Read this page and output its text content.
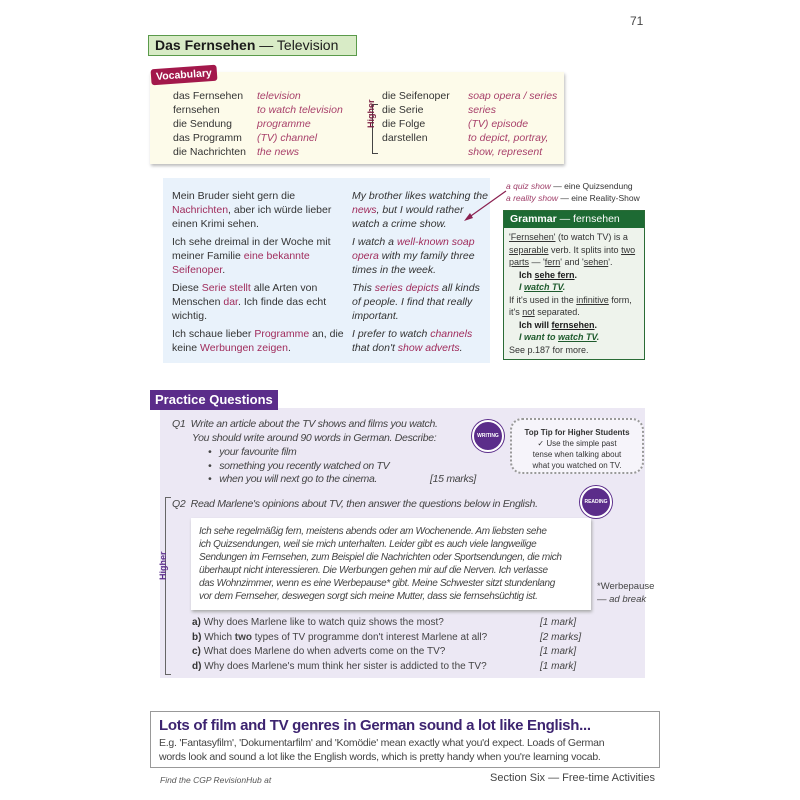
71
Das Fernsehen — Television
Vocabulary
das Fernsehen television
fernsehen	to watch television
die Sendung programme
das Programm (TV) channel
die Nachrichten the news
die Seifenoper soap opera / series
die Serie	series
die Folge	(TV) episode
darstellen	to depict, portray,
show, represent
Higher
Mein Bruder sieht gern die Nachrichten, aber ich würde lieber einen Krimi sehen.
My brother likes watching the news, but I would rather watch a crime show.
Ich sehe dreimal in der Woche mit meiner Familie eine bekannte Seifenoper.
I watch a well-known soap opera with my family three times in the week.
Diese Serie stellt alle Arten von Menschen dar. Ich finde das echt wichtig.
This series depicts all kinds of people. I find that really important.
Ich schaue lieber Programme an, die keine Werbungen zeigen.
I prefer to watch channels that don't show adverts.
a quiz show — eine Quizsendung
a reality show — eine Reality-Show
Grammar — fernsehen
'Fernsehen' (to watch TV) is a separable verb. It splits into two parts — 'fern' and 'sehen'.
Ich sehe fern.
I watch TV.
If it's used in the infinitive form, it's not separated.
Ich will fernsehen.
I want to watch TV.
See p.187 for more.
Practice Questions
Q1 Write an article about the TV shows and films you watch.
You should write around 90 words in German. Describe:
•   your favourite film
•   something you recently watched on TV
•   when you will next go to the cinema.	[15 marks]
WRITING	Top Tip for Higher Students
✓ Use the simple past
tense when talking about
what you watched on TV.
Higher
Q2 Read Marlene's opinions about TV, then answer the questions below in English.
Ich sehe regelmäßig fern, meistens abends oder am Wochenende. Am liebsten sehe
ich Quizsendungen, weil sie mich unterhalten. Leider gibt es auch viele langweilige
Sendungen im Fernsehen, zum Beispiel die Nachrichten oder Sportsendungen, die mich
überhaupt nicht interessieren. Die Werbungen gehen mir auf die Nerven. Ich verlasse
das Wohnzimmer, wenn es eine Werbepause* gibt. Meine Schwester sitzt stundenlang
vor dem Fernseher, deswegen sorgt sich meine Mutter, dass sie fernsehsüchtig ist.
READING
*Werbepause
— ad break
a) Why does Marlene like to watch quiz shows the most?	[1 mark]
b) Which two types of TV programme don't interest Marlene at all?	[2 marks]
c) What does Marlene do when adverts come on the TV?	[1 mark]
d) Why does Marlene's mum think her sister is addicted to the TV?	[1 mark]
Lots of film and TV genres in German sound a lot like English...
E.g. 'Fantasyfilm', 'Dokumentarfilm' and 'Komödie' mean exactly what you'd expect. Loads of German
words look and sound a lot like the English words, which is pretty handy when you're learning vocab.
Find the CGP RevisionHub at	Section Six — Free-time Activities
